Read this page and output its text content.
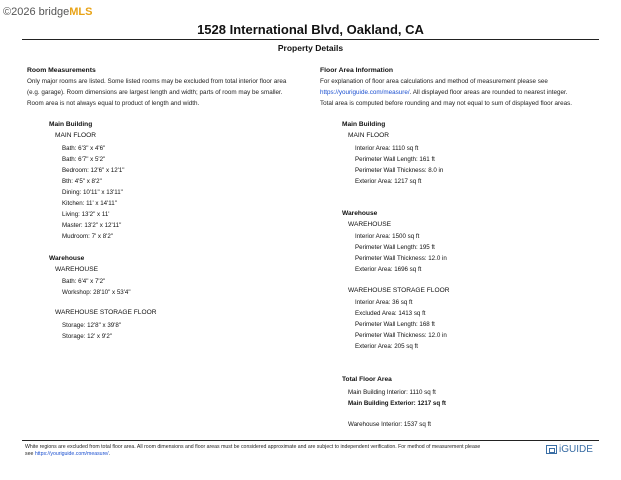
©2026 bridgeMLS
1528 International Blvd, Oakland, CA
Property Details
Room Measurements
Only major rooms are listed. Some listed rooms may be excluded from total interior floor area
(e.g. garage). Room dimensions are largest length and width; parts of room may be smaller.
Room area is not always equal to product of length and width.
Main Building
MAIN FLOOR
Bath: 6'3" x 4'6"
Bath: 6'7" x 5'2"
Bedroom: 12'6" x 12'1"
Bth: 4'5" x 8'2"
Dining: 10'11" x 13'11"
Kitchen: 11' x 14'11"
Living: 13'2" x 11'
Master: 13'2" x 12'11"
Mudroom: 7' x 8'2"
Warehouse
WAREHOUSE
Bath: 6'4" x 7'2"
Workshop: 28'10" x 53'4"
WAREHOUSE STORAGE FLOOR
Storage: 12'8" x 39'8"
Storage: 12' x 9'2"
Floor Area Information
For explanation of floor area calculations and method of measurement please see
https://youriguide.com/measure/. All displayed floor areas are rounded to nearest integer.
Total area is computed before rounding and may not equal to sum of displayed floor areas.
Main Building
MAIN FLOOR
Interior Area: 1110 sq ft
Perimeter Wall Length: 161 ft
Perimeter Wall Thickness: 8.0 in
Exterior Area: 1217 sq ft
Warehouse
WAREHOUSE
Interior Area: 1500 sq ft
Perimeter Wall Length: 195 ft
Perimeter Wall Thickness: 12.0 in
Exterior Area: 1696 sq ft
WAREHOUSE STORAGE FLOOR
Interior Area: 36 sq ft
Excluded Area: 1413 sq ft
Perimeter Wall Length: 168 ft
Perimeter Wall Thickness: 12.0 in
Exterior Area: 205 sq ft
Total Floor Area
Main Building Interior: 1110 sq ft
Main Building Exterior: 1217 sq ft
Warehouse Interior: 1537 sq ft
White regions are excluded from total floor area. All room dimensions and floor areas must be considered approximate and are subject to independent verification. For method of measurement please
see https://youriguide.com/measure/.	iGUIDE
